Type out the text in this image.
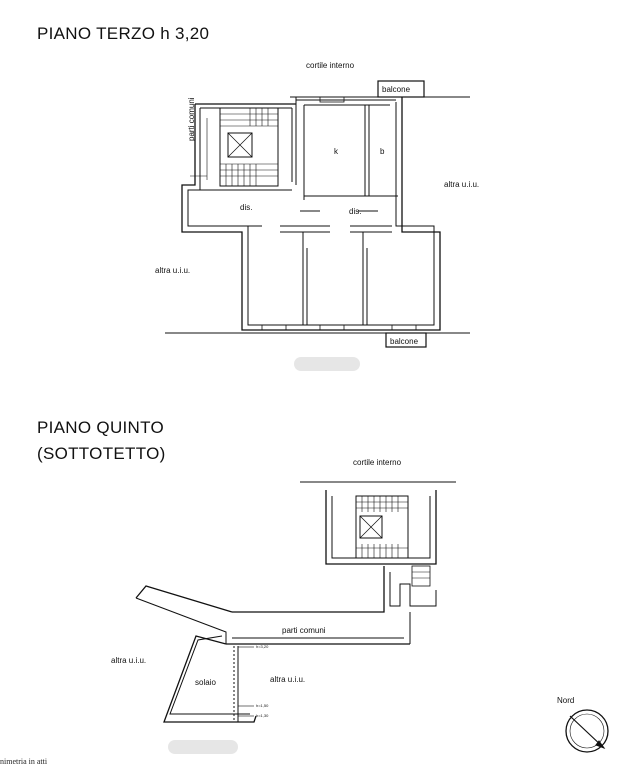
PIANO TERZO h 3,20
cortile interno
balcone
k	b
dis.	dis.
parti comuni
altra u.i.u.
altra u.i.u.
balcone
PIANO QUINTO
(SOTTOTETTO)	cortile interno
parti comuni
altra u.i.u.
solaio	altra u.i.u.
h=3,20
h=1,50
h=1,30
Nord
nimetria in atti
